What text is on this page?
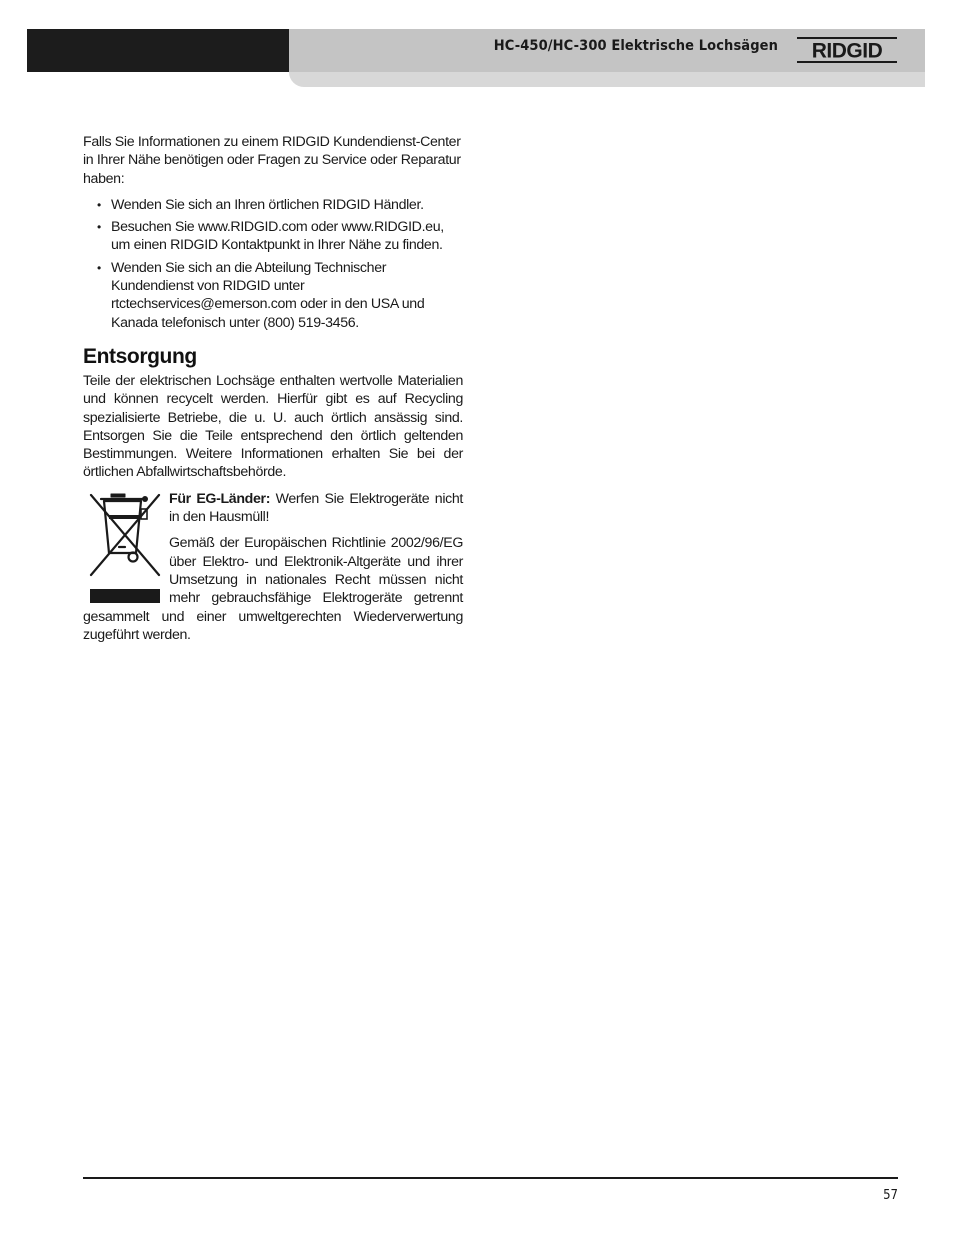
HC-450/HC-300 Elektrische Lochsägen RIDGID

Falls Sie Informationen zu einem RIDGID Kundendienst-Center in Ihrer Nähe benötigen oder Fragen zu Service oder Reparatur haben:

• Wenden Sie sich an Ihren örtlichen RIDGID Händler.
• Besuchen Sie www.RIDGID.com oder www.RIDGID.eu, um einen RIDGID Kontaktpunkt in Ihrer Nähe zu finden.
• Wenden Sie sich an die Abteilung Technischer Kundendienst von RIDGID unter rtctechservices@emerson.com oder in den USA und Kanada telefonisch unter (800) 519-3456.
Entsorgung

Teile der elektrischen Lochsäge enthalten wertvolle Materialien und können recycelt werden. Hierfür gibt es auf Recycling spezialisierte Betriebe, die u. U. auch örtlich ansässig sind. Entsorgen Sie die Teile entsprechend den örtlich geltenden Bestimmungen. Weitere Informationen erhalten Sie bei der örtlichen Abfallwirtschaftsbehörde.

Für EG-Länder: Werfen Sie Elektrogeräte nicht in den Hausmüll!

Gemäß der Europäischen Richtlinie 2002/96/EG über Elektro- und Elektronik-Altgeräte und ihrer Umsetzung in nationales Recht müssen nicht mehr gebrauchsfähige Elektrogeräte getrennt gesammelt und einer umweltgerechten Wiederverwertung zugeführt werden.

57
